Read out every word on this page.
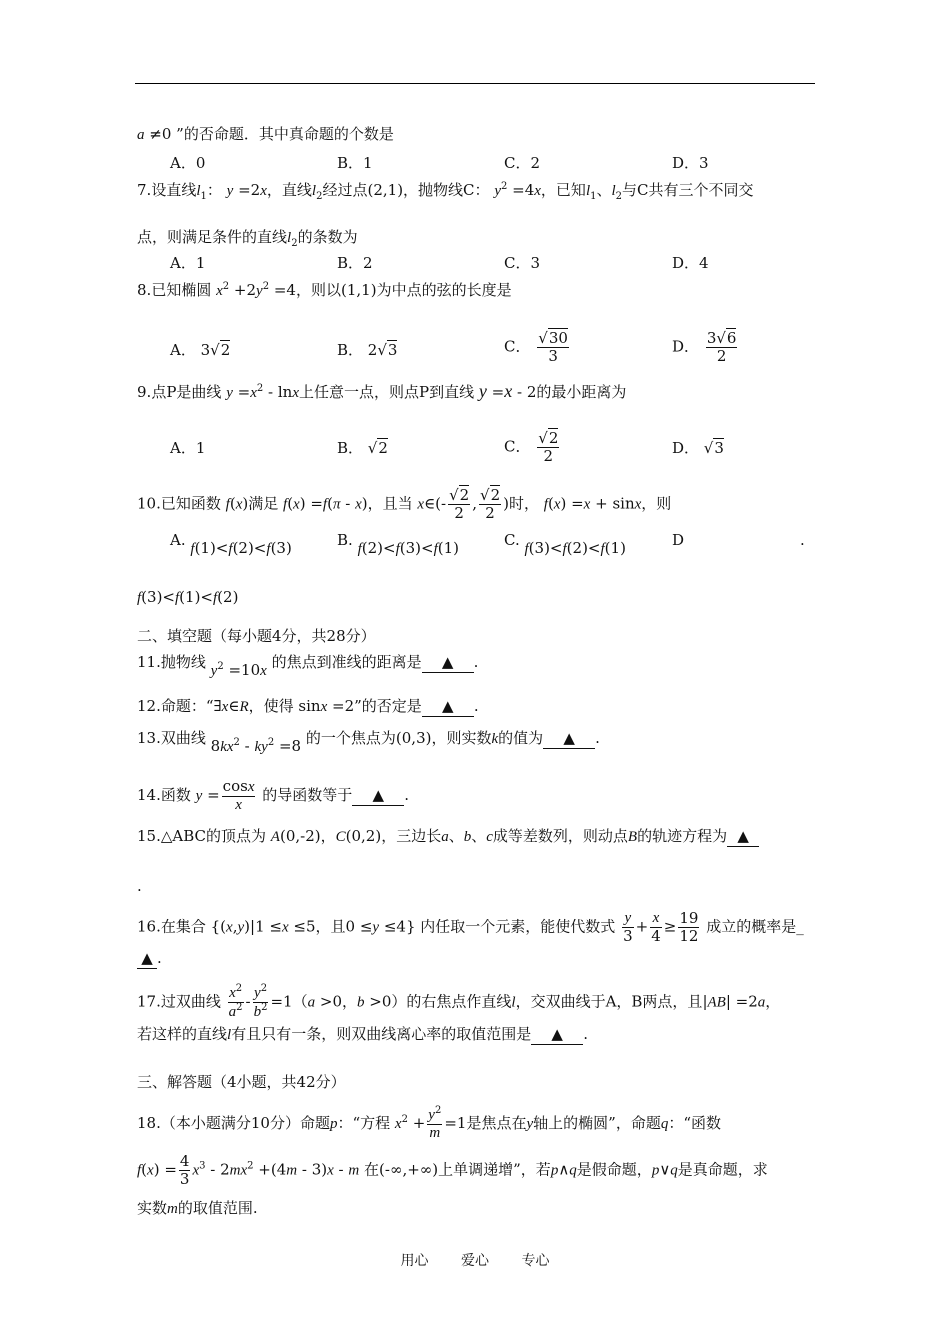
a ≠0 ”的否命题．其中真命题的个数是
A．0	B．1	C．2	D．3
7.设直线$l_1$： y =2x，直线$l_2$经过点(2,1)，抛物线C： $y^2 =4x$，已知$l_1$、$l_2$与C共有三个不同交
点，则满足条件的直线$l_2$的条数为
A．1	B．2	C．3	D．4
8.已知椭圆 $x^2 +2y^2 =4$，则以(1,1)为中点的弦的长度是
A． 3√2	B． 2√3	C． $\frac{√30}{3}$	D． $\frac{3√6}{2}$
9.点P是曲线 $y =x^2 - \ln x$上任意一点，则点P到直线 y =x - 2的最小距离为
A．1	B． √2	C． $\frac{√2}{2}$	D． √3
10.已知函数 f(x)满足 f(x) =f(π - x)，且当 x∈(- $\frac{√2}{2}$ , $\frac{√2}{2}$ )时， f(x) =x + sinx，则
A. f(1)<f(2)<f(3)	B. f(2)<f(3)<f(1)	C. f(3)<f(2)<f(1)	D	.
f(3)<f(1)<f(2)
二、填空题（每小题4分，共28分）
11.抛物线 $y^2 =10x$ 的焦点到准线的距离是 ▲ .
12.命题：“∃x∈R，使得 sinx =2”的否定是 ▲ .
13.双曲线 $8kx^2 - ky^2 =8$ 的一个焦点为(0,3)，则实数k的值为 ▲ .
14.函数 $y = \frac{\cos x}{x}$ 的导函数等于 ▲ .
15.△ABC的顶点为 A(0,-2)，C(0,2)，三边长a、b、c成等差数列，则动点B的轨迹方程为 ▲
.
16.在集合 {(x,y)|1 ≤x ≤5，且0 ≤y ≤4} 内任取一个元素，能使代数式 $\frac{y}{3} + \frac{x}{4} \ge \frac{19}{12}$ 成立的概率是_
▲ .
17.过双曲线 $\frac{x^2}{a^2} - \frac{y^2}{b^2} =1(a >0$，b >0）的右焦点作直线l，交双曲线于A，B两点，且|AB| =2a，
若这样的直线l有且只有一条，则双曲线离心率的取值范围是 ▲ .
三、解答题（4小题，共42分）
18.（本小题满分10分）命题p：“方程 $x^2 + \frac{y^2}{m} =1$是焦点在y轴上的椭圆”，命题q：“函数
$f(x) = \frac{4}{3} x^3 - 2mx^2 +(4m - 3)x - m$ 在(-∞,+∞)上单调递增”，若p∧q是假命题，p∨q是真命题，求
实数m的取值范围.
用心 爱心 专心
